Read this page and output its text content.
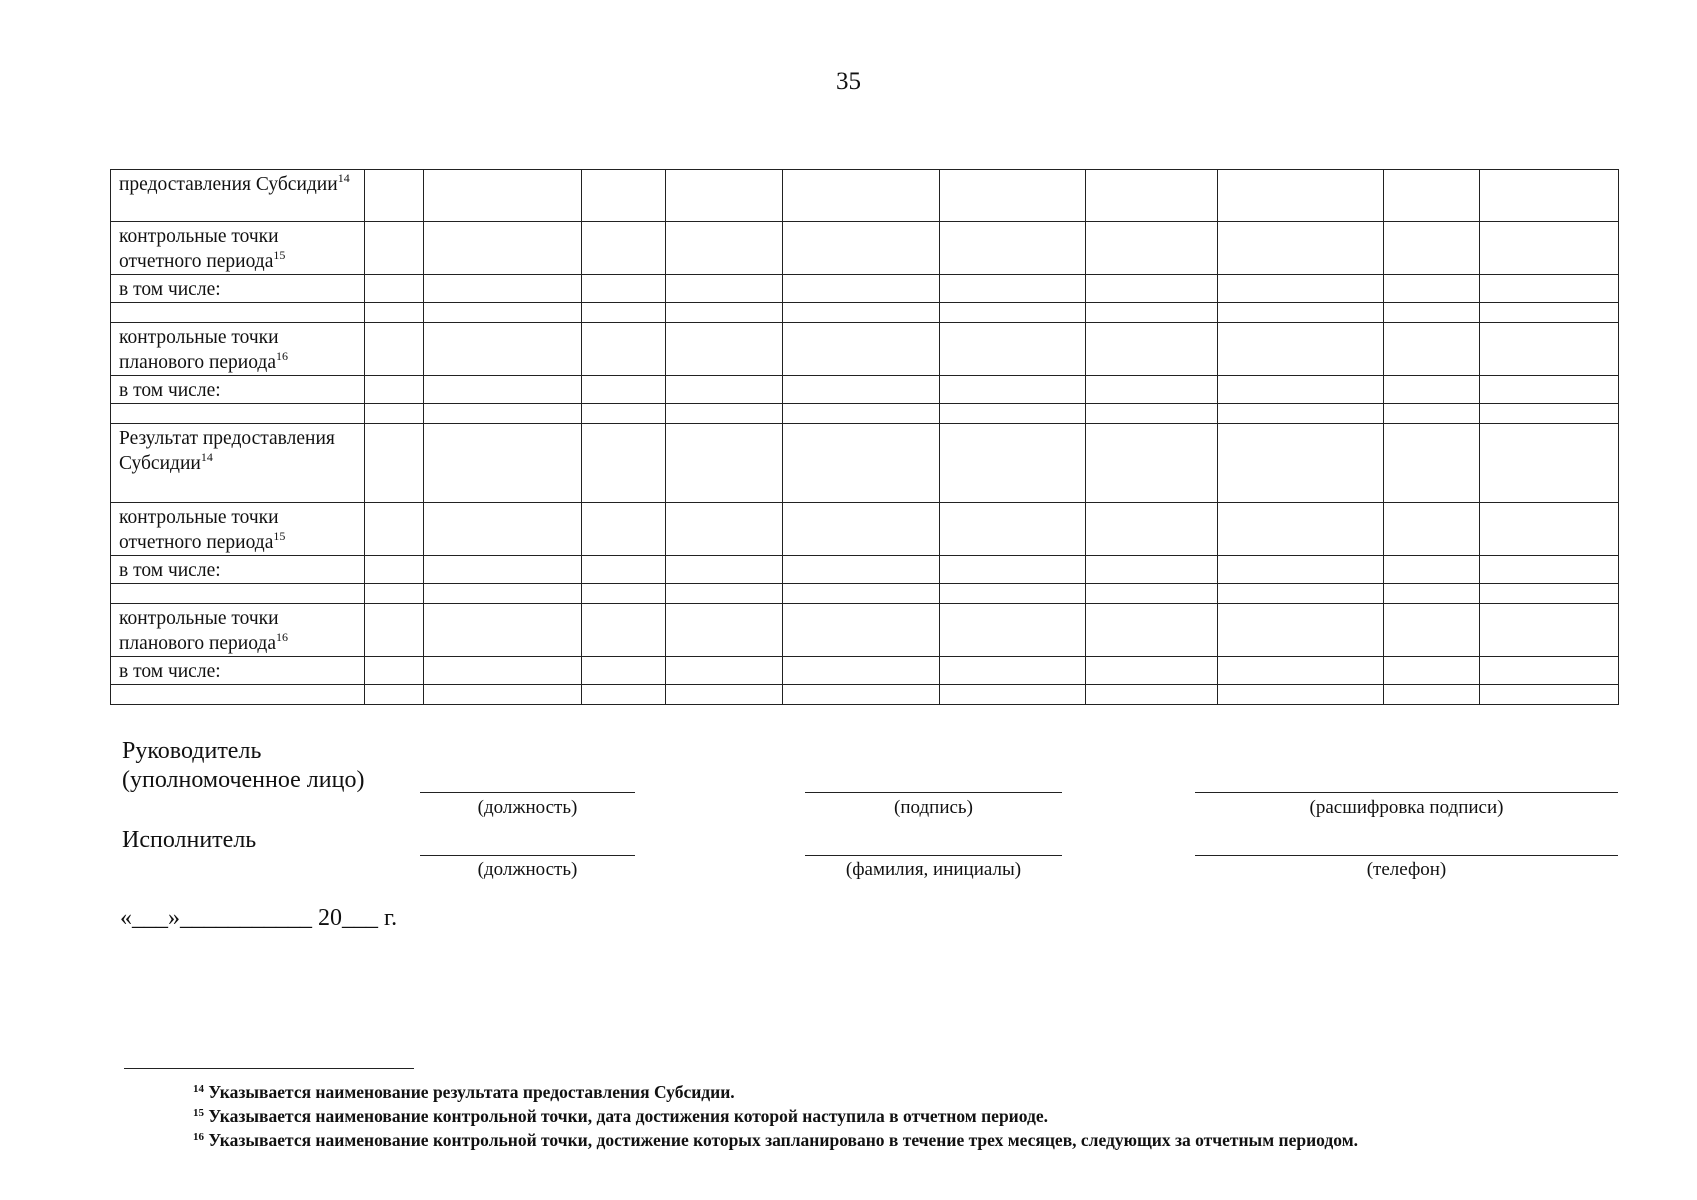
35
предоставления Субсидии$^{14}$										
контрольные точки отчетного периода$^{15}$										
в том числе:										

контрольные точки планового периода$^{16}$										
в том числе:										

Результат предоставления Субсидии$^{14}$										
контрольные точки отчетного периода$^{15}$										
в том числе:										

контрольные точки планового периода$^{16}$										
в том числе:										

Руководитель
(уполномоченное лицо)
(должность)	(подпись)	(расшифровка подписи)
Исполнитель
(должность)	(фамилия, инициалы)	(телефон)
«___»___________ 20___ г.
$^{14}$ Указывается наименование результата предоставления Субсидии.
$^{15}$ Указывается наименование контрольной точки, дата достижения которой наступила в отчетном периоде.
$^{16}$ Указывается наименование контрольной точки, достижение которых запланировано в течение трех месяцев, следующих за отчетным периодом.
